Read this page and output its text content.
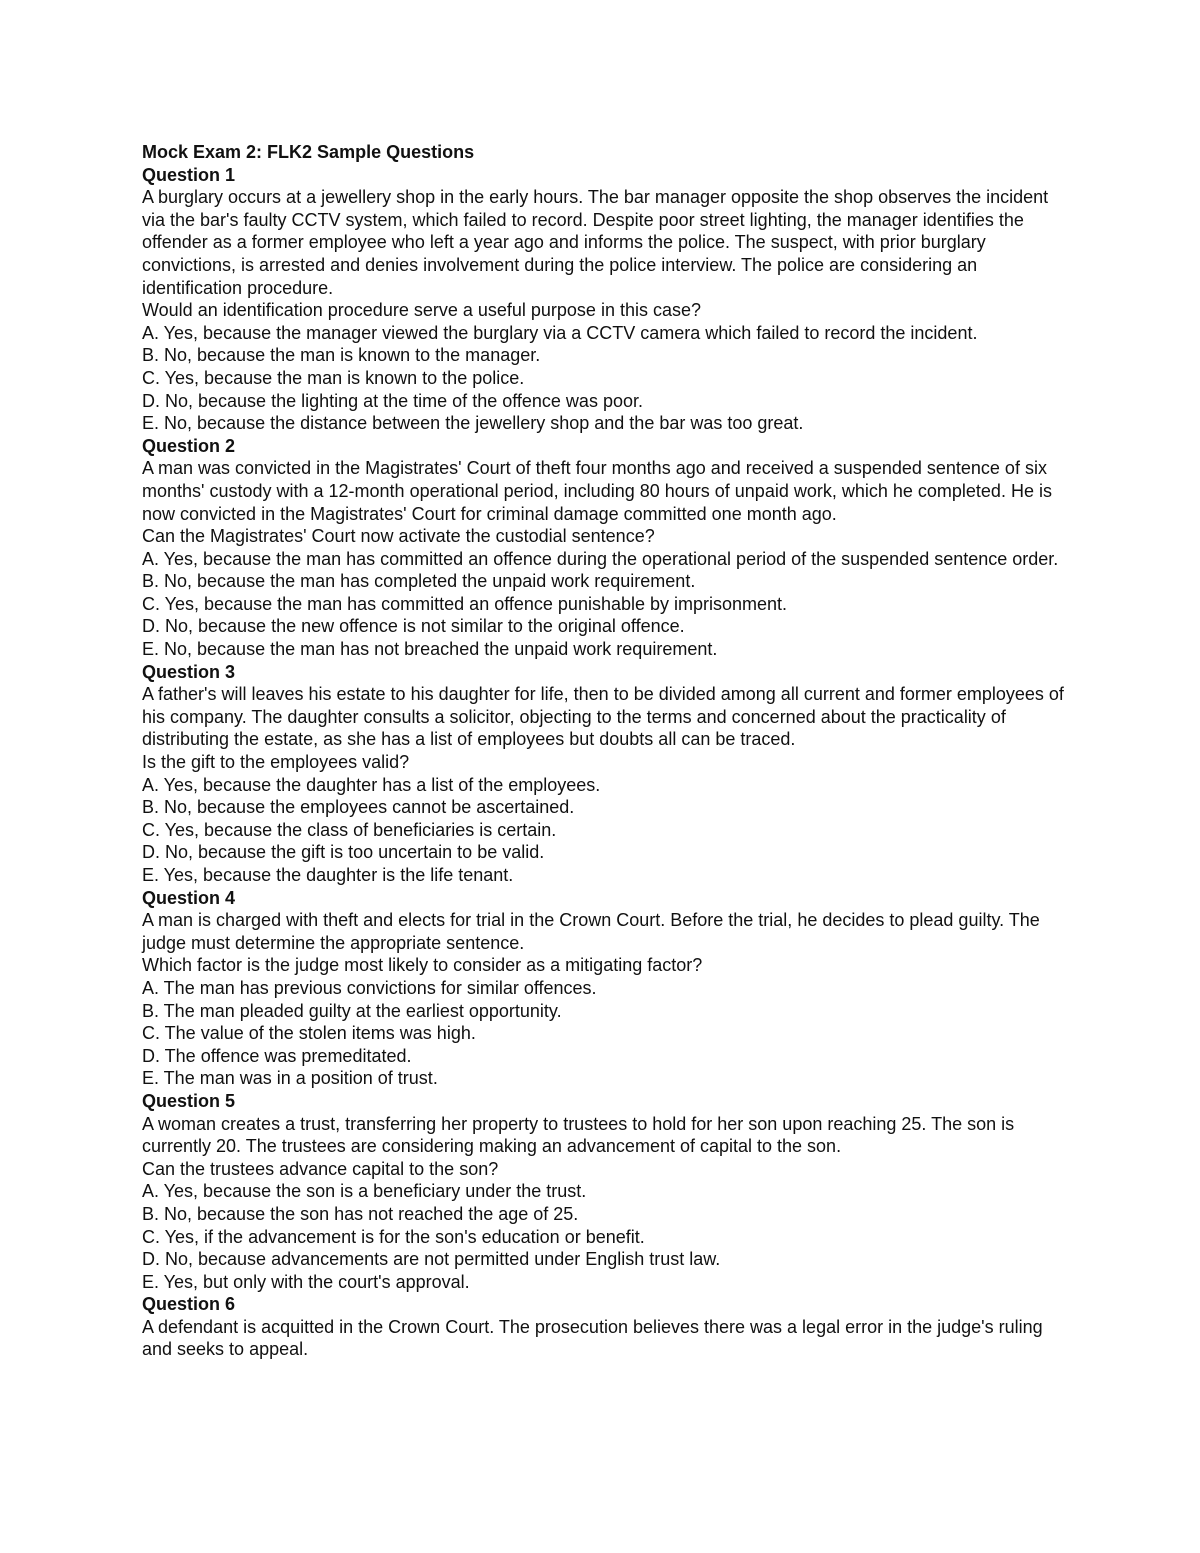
Mock Exam 2: FLK2 Sample Questions

Question 1

A burglary occurs at a jewellery shop in the early hours. The bar manager opposite the shop observes the incident via the bar's faulty CCTV system, which failed to record. Despite poor street lighting, the manager identifies the offender as a former employee who left a year ago and informs the police. The suspect, with prior burglary convictions, is arrested and denies involvement during the police interview. The police are considering an identification procedure.

Would an identification procedure serve a useful purpose in this case?

A. Yes, because the manager viewed the burglary via a CCTV camera which failed to record the incident.

B. No, because the man is known to the manager.

C. Yes, because the man is known to the police.

D. No, because the lighting at the time of the offence was poor.

E. No, because the distance between the jewellery shop and the bar was too great.

Question 2

A man was convicted in the Magistrates' Court of theft four months ago and received a suspended sentence of six months' custody with a 12-month operational period, including 80 hours of unpaid work, which he completed. He is now convicted in the Magistrates' Court for criminal damage committed one month ago.

Can the Magistrates' Court now activate the custodial sentence?

A. Yes, because the man has committed an offence during the operational period of the suspended sentence order.

B. No, because the man has completed the unpaid work requirement.

C. Yes, because the man has committed an offence punishable by imprisonment.

D. No, because the new offence is not similar to the original offence.

E. No, because the man has not breached the unpaid work requirement.

Question 3

A father's will leaves his estate to his daughter for life, then to be divided among all current and former employees of his company. The daughter consults a solicitor, objecting to the terms and concerned about the practicality of distributing the estate, as she has a list of employees but doubts all can be traced.

Is the gift to the employees valid?

A. Yes, because the daughter has a list of the employees.

B. No, because the employees cannot be ascertained.

C. Yes, because the class of beneficiaries is certain.

D. No, because the gift is too uncertain to be valid.

E. Yes, because the daughter is the life tenant.

Question 4

A man is charged with theft and elects for trial in the Crown Court. Before the trial, he decides to plead guilty. The judge must determine the appropriate sentence.

Which factor is the judge most likely to consider as a mitigating factor?

A. The man has previous convictions for similar offences.

B. The man pleaded guilty at the earliest opportunity.

C. The value of the stolen items was high.

D. The offence was premeditated.

E. The man was in a position of trust.

Question 5

A woman creates a trust, transferring her property to trustees to hold for her son upon reaching 25. The son is currently 20. The trustees are considering making an advancement of capital to the son.

Can the trustees advance capital to the son?

A. Yes, because the son is a beneficiary under the trust.

B. No, because the son has not reached the age of 25.

C. Yes, if the advancement is for the son's education or benefit.

D. No, because advancements are not permitted under English trust law.

E. Yes, but only with the court's approval.

Question 6

A defendant is acquitted in the Crown Court. The prosecution believes there was a legal error in the judge's ruling and seeks to appeal.
